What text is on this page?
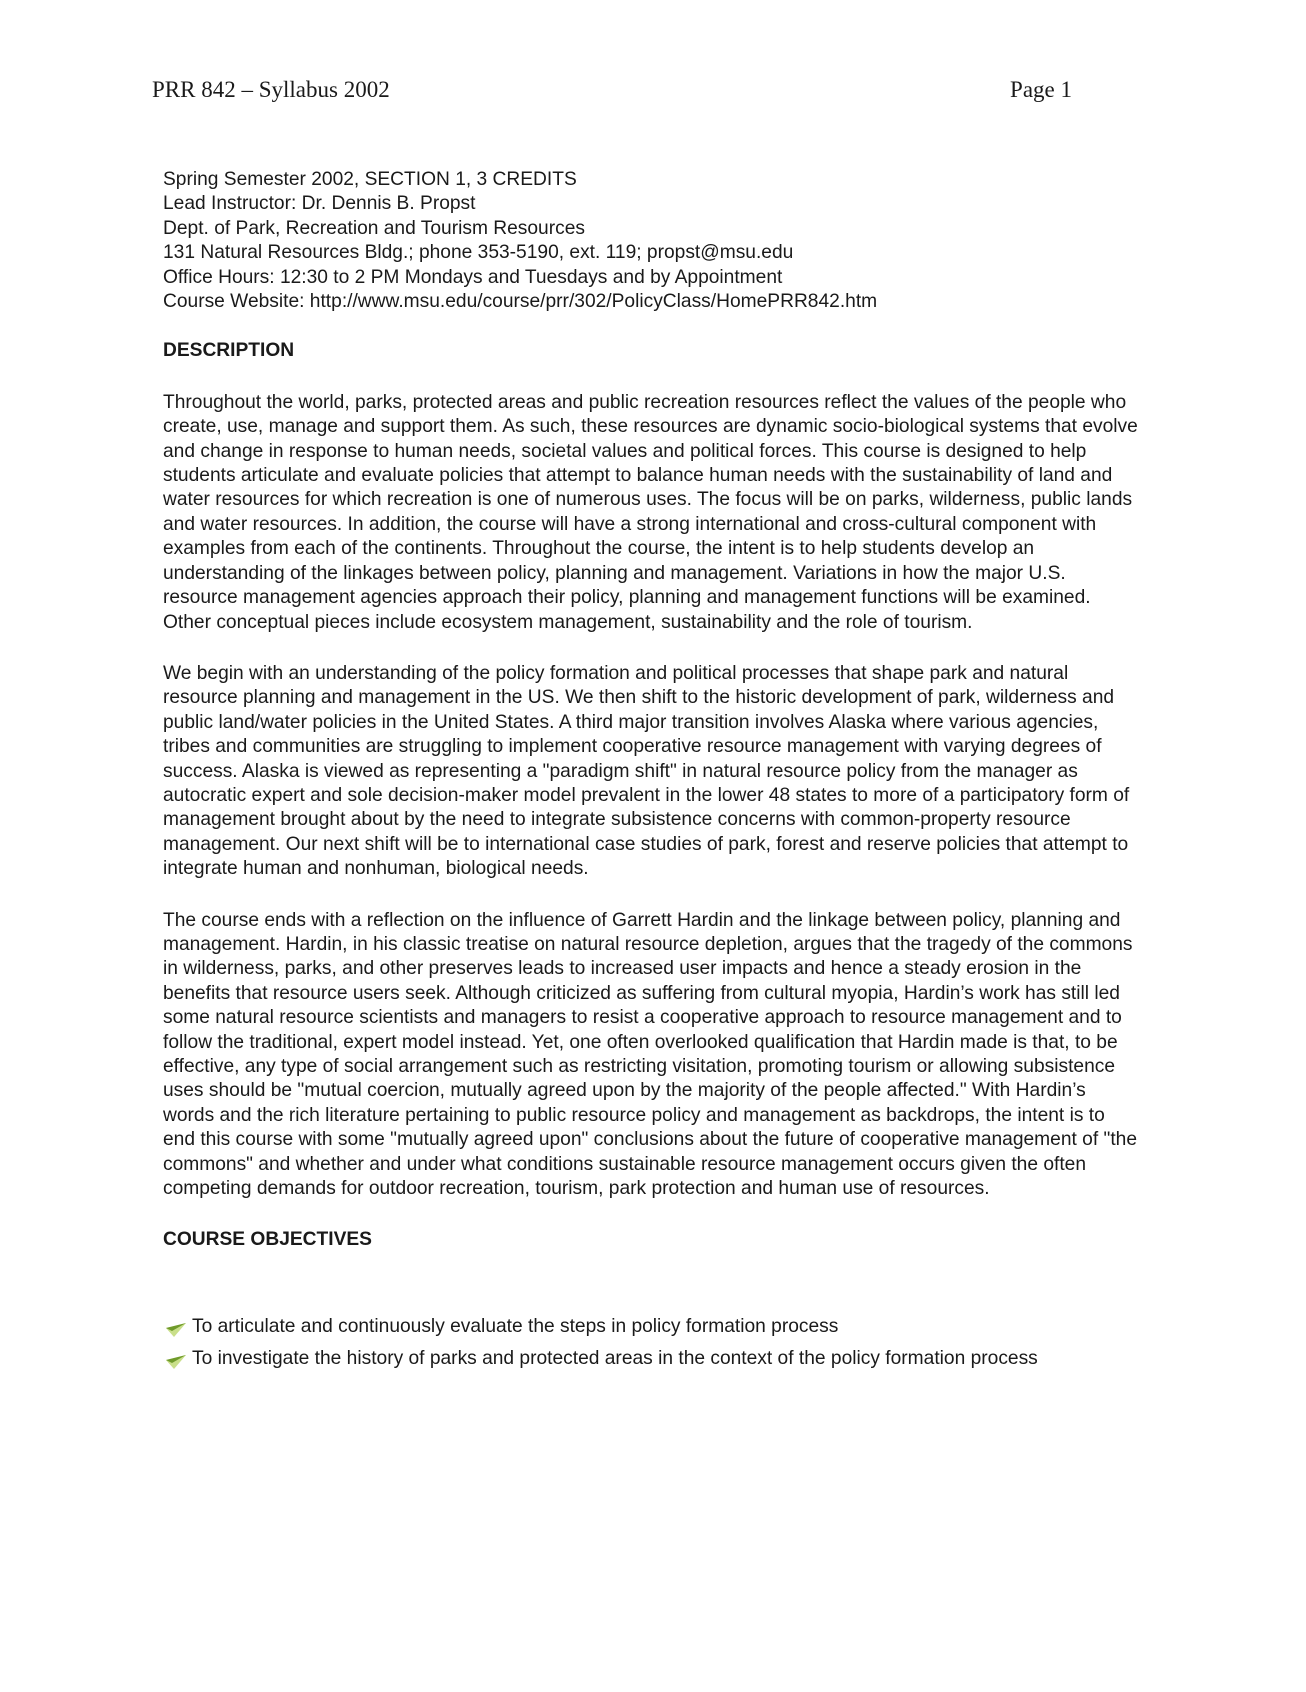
PRR 842 – Syllabus 2002	Page 1
Spring Semester 2002, SECTION 1, 3 CREDITS
Lead Instructor: Dr. Dennis B. Propst
Dept. of Park, Recreation and Tourism Resources
131 Natural Resources Bldg.; phone 353-5190, ext. 119; propst@msu.edu
Office Hours: 12:30 to 2 PM Mondays and Tuesdays and by Appointment
Course Website: http://www.msu.edu/course/prr/302/PolicyClass/HomePRR842.htm
DESCRIPTION

Throughout the world, parks, protected areas and public recreation resources reflect the values of the people who create, use, manage and support them. As such, these resources are dynamic socio-biological systems that evolve and change in response to human needs, societal values and political forces. This course is designed to help students articulate and evaluate policies that attempt to balance human needs with the sustainability of land and water resources for which recreation is one of numerous uses. The focus will be on parks, wilderness, public lands and water resources. In addition, the course will have a strong international and cross-cultural component with examples from each of the continents. Throughout the course, the intent is to help students develop an understanding of the linkages between policy, planning and management. Variations in how the major U.S. resource management agencies approach their policy, planning and management functions will be examined. Other conceptual pieces include ecosystem management, sustainability and the role of tourism.

We begin with an understanding of the policy formation and political processes that shape park and natural resource planning and management in the US. We then shift to the historic development of park, wilderness and public land/water policies in the United States. A third major transition involves Alaska where various agencies, tribes and communities are struggling to implement cooperative resource management with varying degrees of success. Alaska is viewed as representing a "paradigm shift" in natural resource policy from the manager as autocratic expert and sole decision-maker model prevalent in the lower 48 states to more of a participatory form of management brought about by the need to integrate subsistence concerns with common-property resource management. Our next shift will be to international case studies of park, forest and reserve policies that attempt to integrate human and nonhuman, biological needs.

The course ends with a reflection on the influence of Garrett Hardin and the linkage between policy, planning and management. Hardin, in his classic treatise on natural resource depletion, argues that the tragedy of the commons in wilderness, parks, and other preserves leads to increased user impacts and hence a steady erosion in the benefits that resource users seek. Although criticized as suffering from cultural myopia, Hardin’s work has still led some natural resource scientists and managers to resist a cooperative approach to resource management and to follow the traditional, expert model instead. Yet, one often overlooked qualification that Hardin made is that, to be effective, any type of social arrangement such as restricting visitation, promoting tourism or allowing subsistence uses should be "mutual coercion, mutually agreed upon by the majority of the people affected." With Hardin’s words and the rich literature pertaining to public resource policy and management as backdrops, the intent is to end this course with some "mutually agreed upon" conclusions about the future of cooperative management of "the commons" and whether and under what conditions sustainable resource management occurs given the often competing demands for outdoor recreation, tourism, park protection and human use of resources.

COURSE OBJECTIVES
To articulate and continuously evaluate the steps in policy formation process
To investigate the history of parks and protected areas in the context of the policy formation process
